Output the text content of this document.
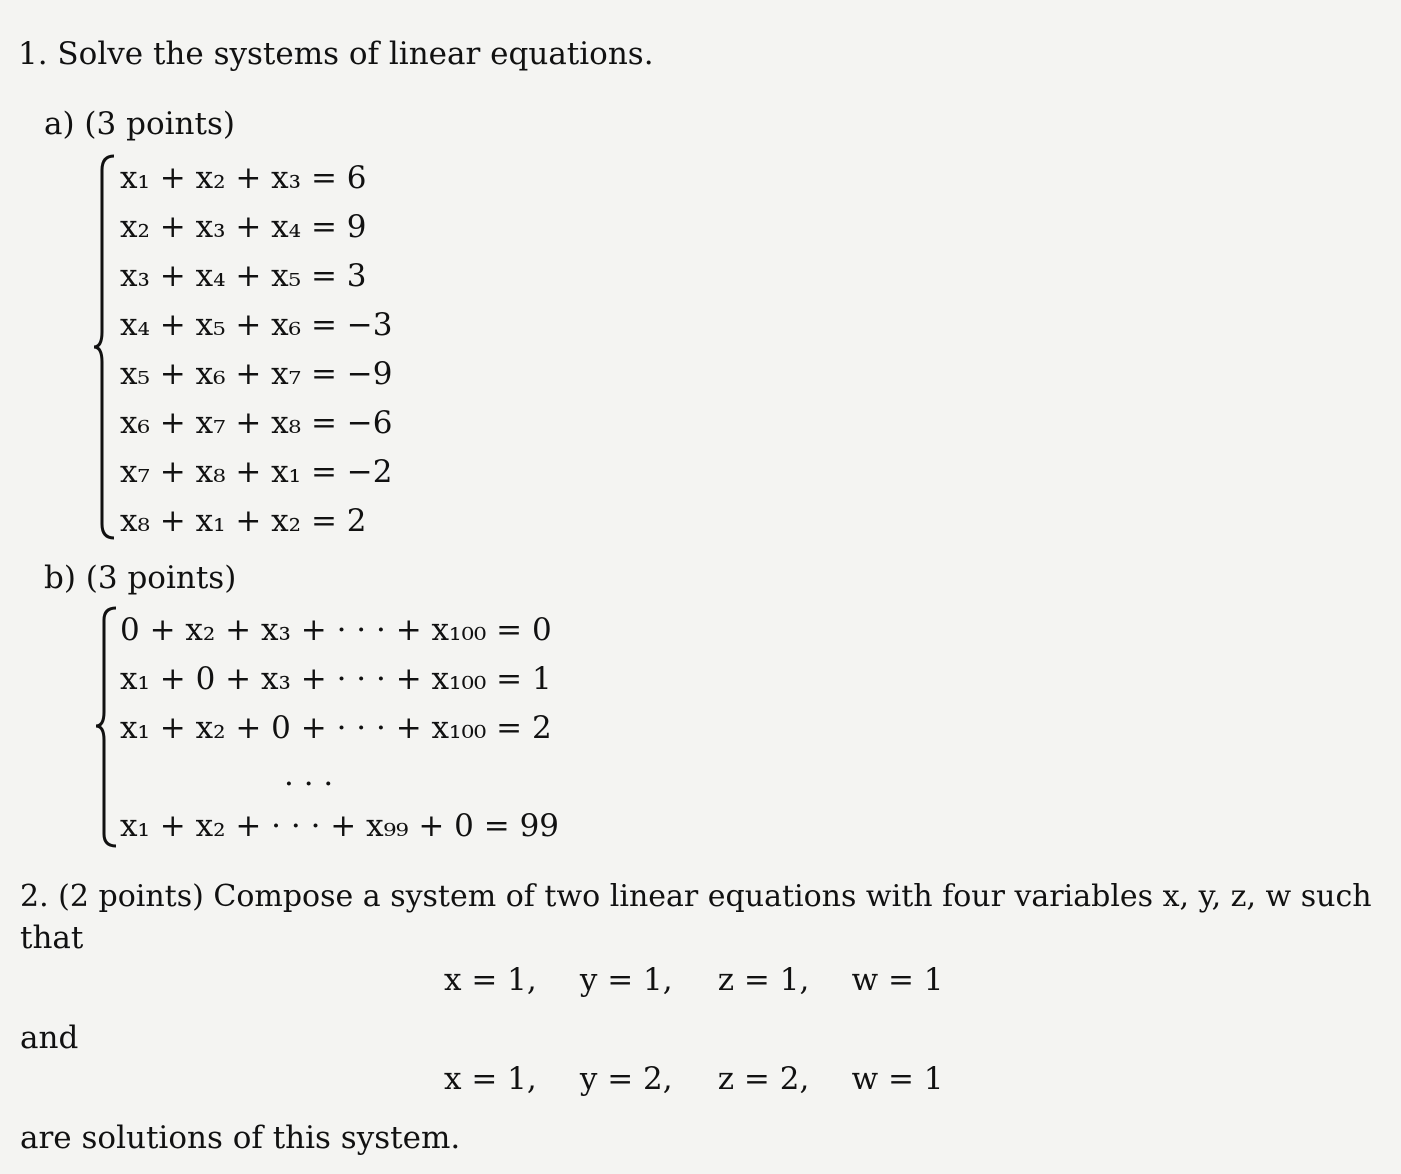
1. Solve the systems of linear equations.
a) (3 points)
x₁ + x₂ + x₃ = 6
x₂ + x₃ + x₄ = 9
x₃ + x₄ + x₅ = 3
x₄ + x₅ + x₆ = −3
x₅ + x₆ + x₇ = −9
x₆ + x₇ + x₈ = −6
x₇ + x₈ + x₁ = −2
x₈ + x₁ + x₂ = 2
b) (3 points)
0 + x₂ + x₃ + · · · + x₁₀₀ = 0
x₁ + 0 + x₃ + · · · + x₁₀₀ = 1
x₁ + x₂ + 0 + · · · + x₁₀₀ = 2
· · ·
x₁ + x₂ + · · · + x₉₉ + 0 = 99
2. (2 points) Compose a system of two linear equations with four variables x, y, z, w such
that
x = 1, y = 1, z = 1, w = 1
and
x = 1, y = 2, z = 2, w = 1
are solutions of this system.
